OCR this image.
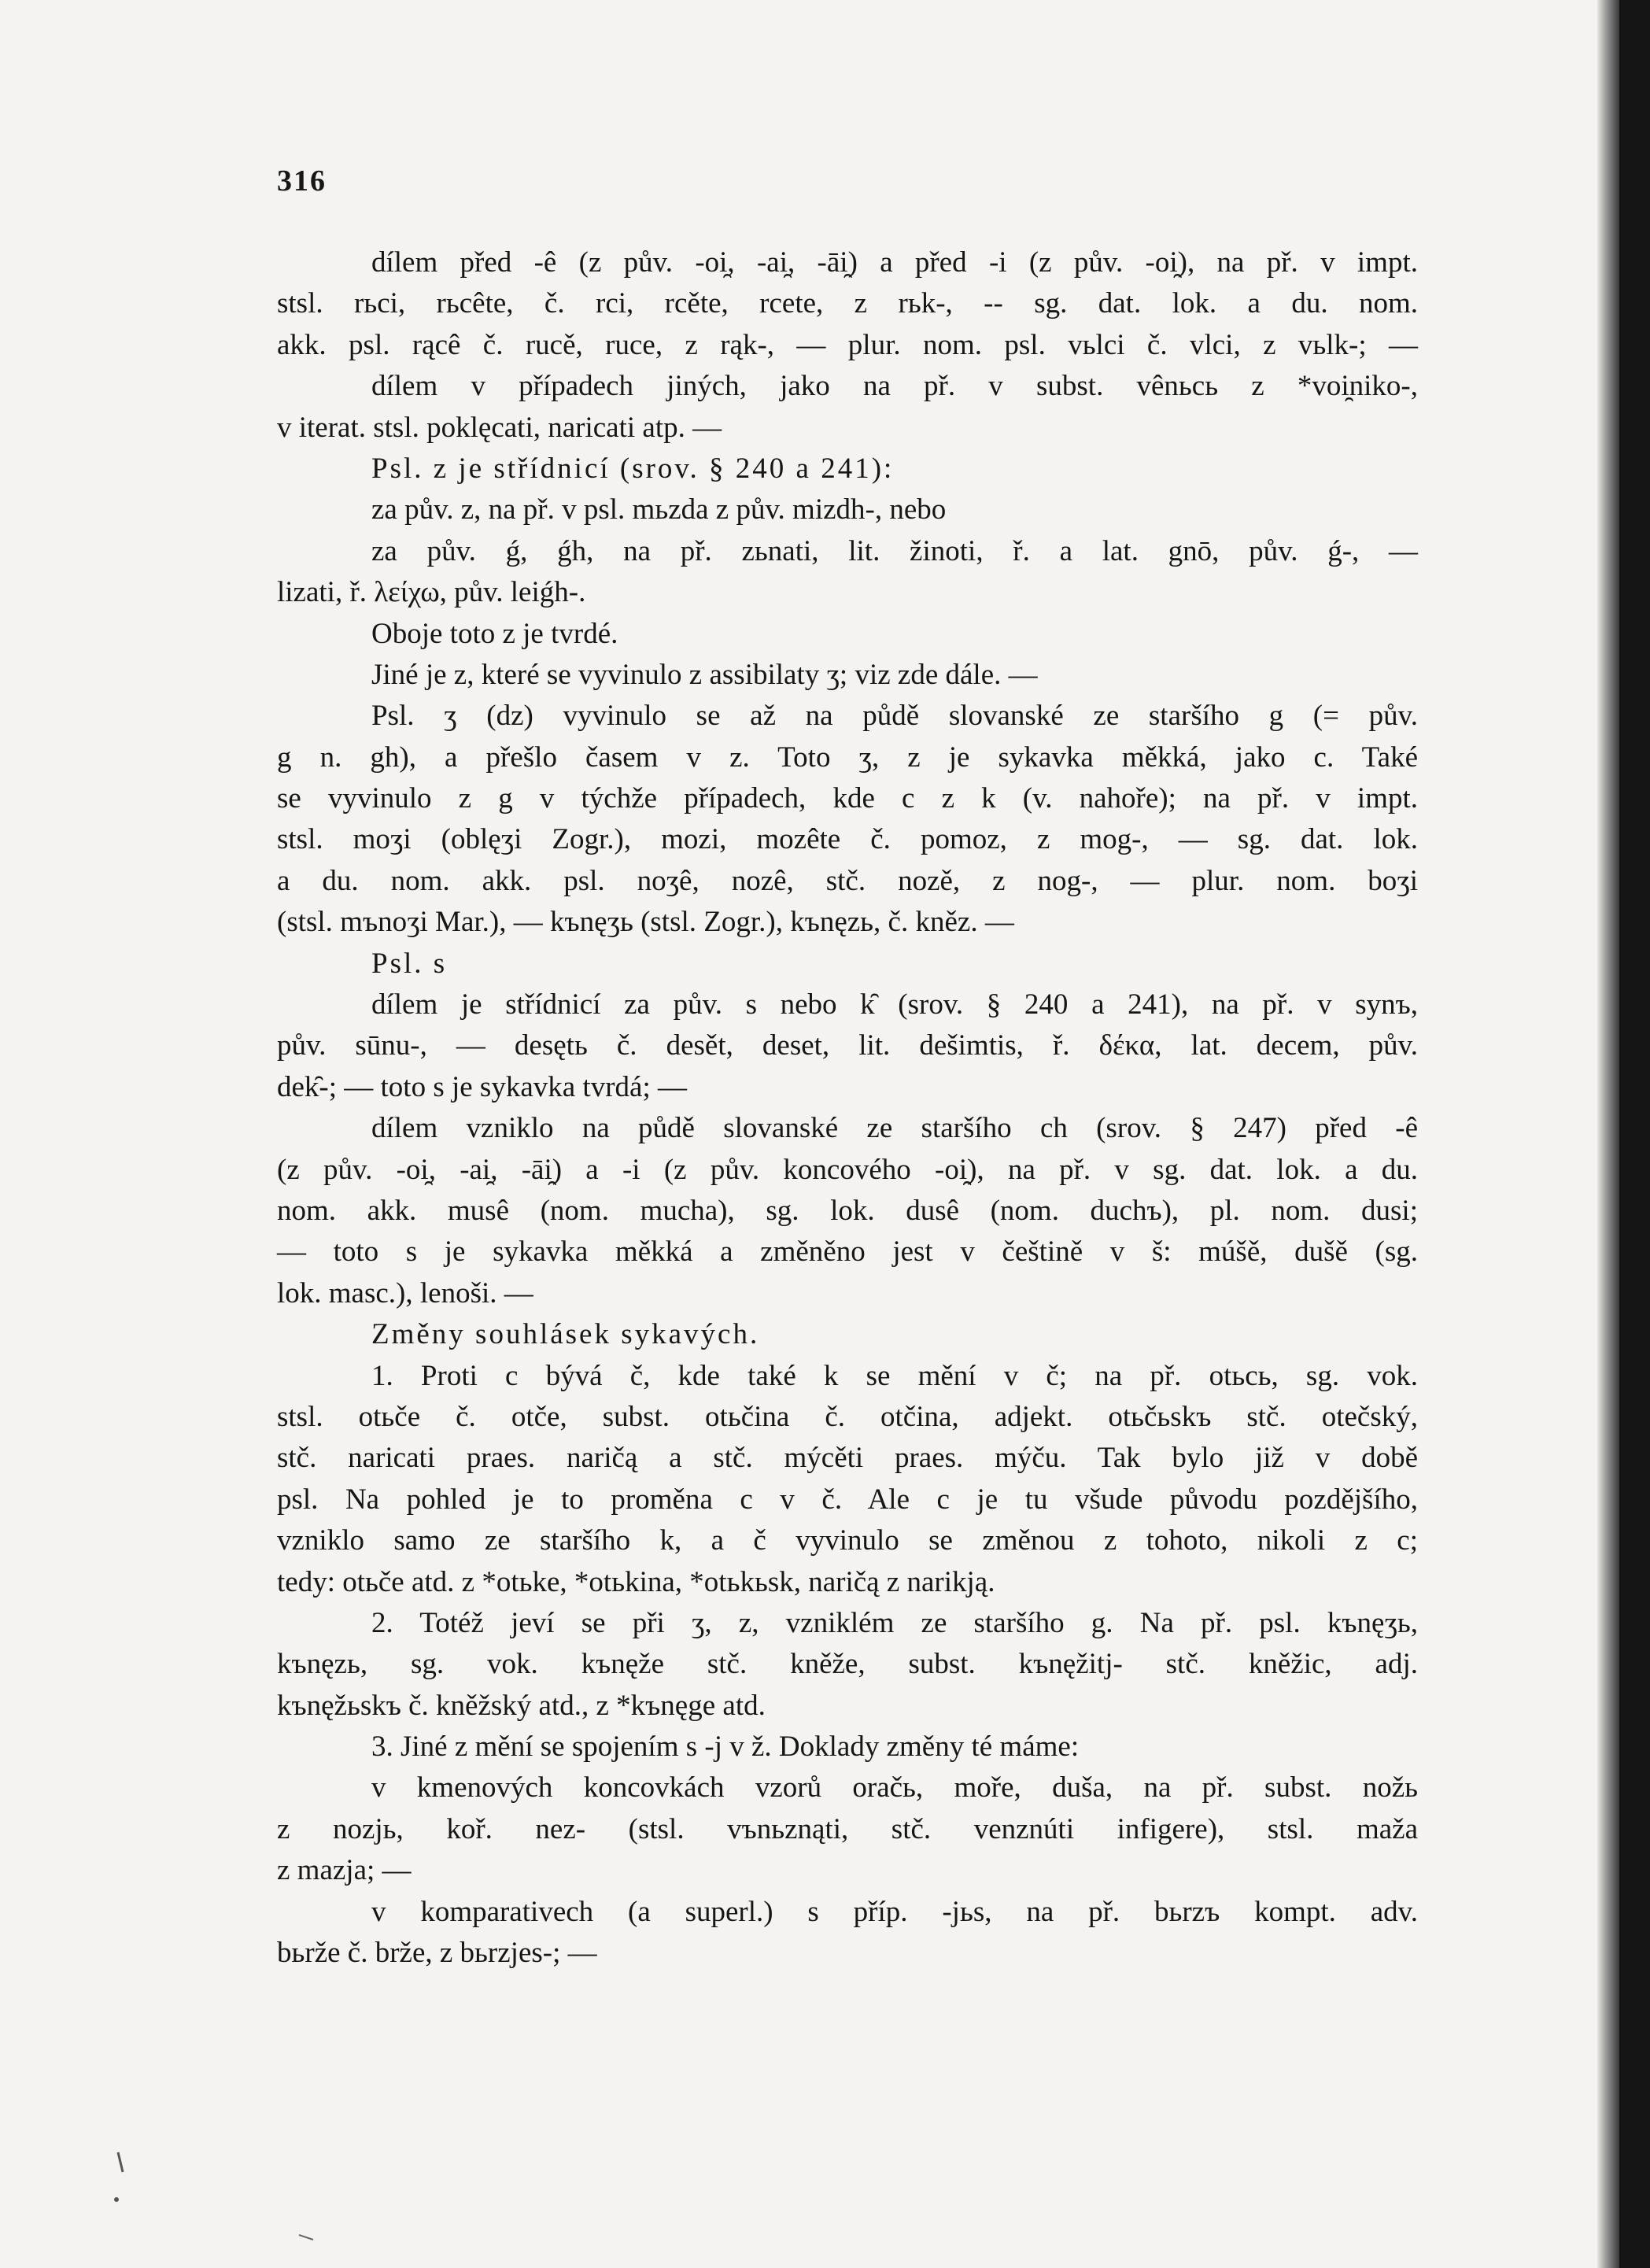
316
dílem před -ê (z pův. -oi̯, -ai̯, -āi̯) a před -i (z pův. -oi̯), na př. v impt.
stsl. rьci, rьcête, č. rci, rcěte, rcete, z rьk-, -- sg. dat. lok. a du. nom.
akk. psl. rącê č. rucě, ruce, z rąk-, — plur. nom. psl. vьlci č. vlci, z vьlk-; —
dílem v případech jiných, jako na př. v subst. vênьcь z *voi̯niko-,
v iterat. stsl. poklęcati, naricati atp. —
Psl. z je střídnicí (srov. § 240 a 241):
za pův. z, na př. v psl. mьzda z pův. mizdh-, nebo
za pův. ǵ, ǵh, na př. zьnati, lit. žinoti, ř. a lat. gnō, pův. ǵ-, —
lizati, ř. λείχω, pův. leiǵh-.
Oboje toto z je tvrdé.
Jiné je z, které se vyvinulo z assibilaty ʒ; viz zde dále. —
Psl. ʒ (dz) vyvinulo se až na půdě slovanské ze staršího g (= pův.
g n. gh), a přešlo časem v z. Toto ʒ, z je sykavka měkká, jako c. Také
se vyvinulo z g v týchže případech, kde c z k (v. nahoře); na př. v impt.
stsl. moʒi (oblęʒi Zogr.), mozi, mozête č. pomoz, z mog-, — sg. dat. lok.
a du. nom. akk. psl. noʒê, nozê, stč. nozě, z nog-, — plur. nom. boʒi
(stsl. mъnoʒi Mar.), — kъnęʒь (stsl. Zogr.), kъnęzь, č. kněz. —
Psl. s
dílem je střídnicí za pův. s nebo k̑ (srov. § 240 a 241), na př. v synъ,
pův. sūnu-, — desętь č. desět, deset, lit. dešimtis, ř. δέκα, lat. decem, pův.
dek̑-; — toto s je sykavka tvrdá; —
dílem vzniklo na půdě slovanské ze staršího ch (srov. § 247) před -ê
(z pův. -oi̯, -ai̯, -āi̯) a -i (z pův. koncového -oi̯), na př. v sg. dat. lok. a du.
nom. akk. musê (nom. mucha), sg. lok. dusê (nom. duchъ), pl. nom. dusi;
— toto s je sykavka měkká a změněno jest v češtině v š: múšě, dušě (sg.
lok. masc.), lenoši. —
Změny souhlásek sykavých.
1. Proti c bývá č, kde také k se mění v č; na př. otьcь, sg. vok.
stsl. otьče č. otče, subst. otьčina č. otčina, adjekt. otьčьskъ stč. otečský,
stč. naricati praes. naričą a stč. mýcěti praes. mýču. Tak bylo již v době
psl. Na pohled je to proměna c v č. Ale c je tu všude původu pozdějšího,
vzniklo samo ze staršího k, a č vyvinulo se změnou z tohoto, nikoli z c;
tedy: otьče atd. z *otьke, *otьkina, *otьkьsk, naričą z narikją.
2. Totéž jeví se při ʒ, z, vzniklém ze staršího g. Na př. psl. kъnęʒь,
kъnęzь, sg. vok. kъnęže stč. kněže, subst. kъnęžitj- stč. kněžic, adj.
kъnęžьskъ č. kněžský atd., z *kъnęge atd.
3. Jiné z mění se spojením s -j v ž. Doklady změny té máme:
v kmenových koncovkách vzorů oračь, moře, duša, na př. subst. nožь
z nozjь, koř. nez- (stsl. vъnьznąti, stč. venznúti infigere), stsl. maža
z mazja; —
v komparativech (a superl.) s příp. -jьs, na př. bьrzъ kompt. adv.
bьrže č. brže, z bьrzjes-; —
